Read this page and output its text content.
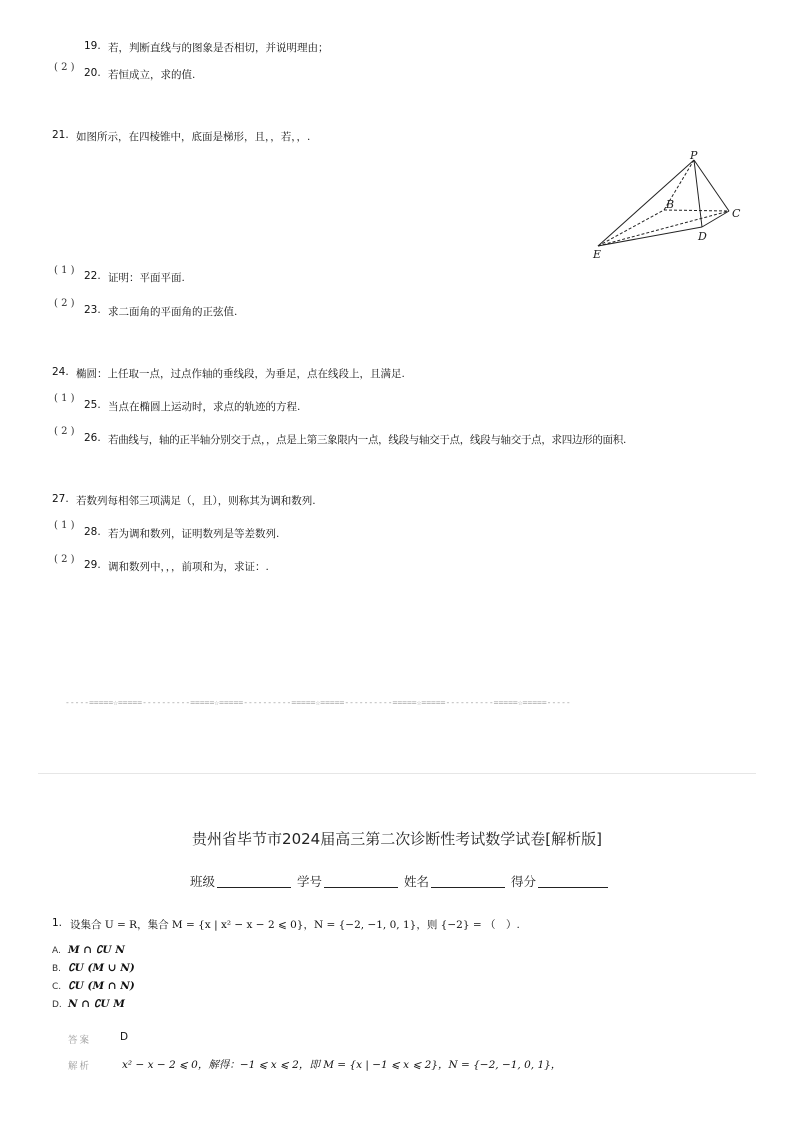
19. 若，判断直线与的图象是否相切，并说明理由；
( 2 ) 20. 若恒成立，求的值.
21. 如图所示，在四棱锥中，底面是梯形，且，，若，，.
P
B
C
D
E
( 1 ) 22. 证明：平面平面.
( 2 )
23. 求二面角的平面角的正弦值.
24. 椭圆：上任取一点，过点作轴的垂线段，为垂足，点在线段上，且满足.
( 1 )
25. 当点在椭圆上运动时，求点的轨迹的方程.
( 2 )
26. 若曲线与，轴的正半轴分别交于点，，点是上第三象限内一点，线段与轴交于点，线段与轴交于点，求四边形的面积.
27. 若数列每相邻三项满足（，且），则称其为调和数列.
( 1 )
28. 若为调和数列，证明数列是等差数列.
( 2 ) 29. 调和数列中，，，前项和为，求证：.
-----=====☆=====----------=====☆=====----------=====☆=====----------=====☆=====----------=====☆=====-----
贵州省毕节市2024届高三第二次诊断性考试数学试卷[解析版]
班级	学号	姓名	得分
1. 设集合 U = R，集合 M = {x | x² − x − 2 ⩽ 0}，N = {−2, −1, 0, 1}，则 {−2} = （　）.
A. M ∩ ∁U N
B. ∁U (M ∪ N)
C. ∁U (M ∩ N)
D. N ∩ ∁U M
答案	D
解析	x² − x − 2 ⩽ 0，解得：−1 ⩽ x ⩽ 2，即 M = {x | −1 ⩽ x ⩽ 2}，N = {−2, −1, 0, 1}，
